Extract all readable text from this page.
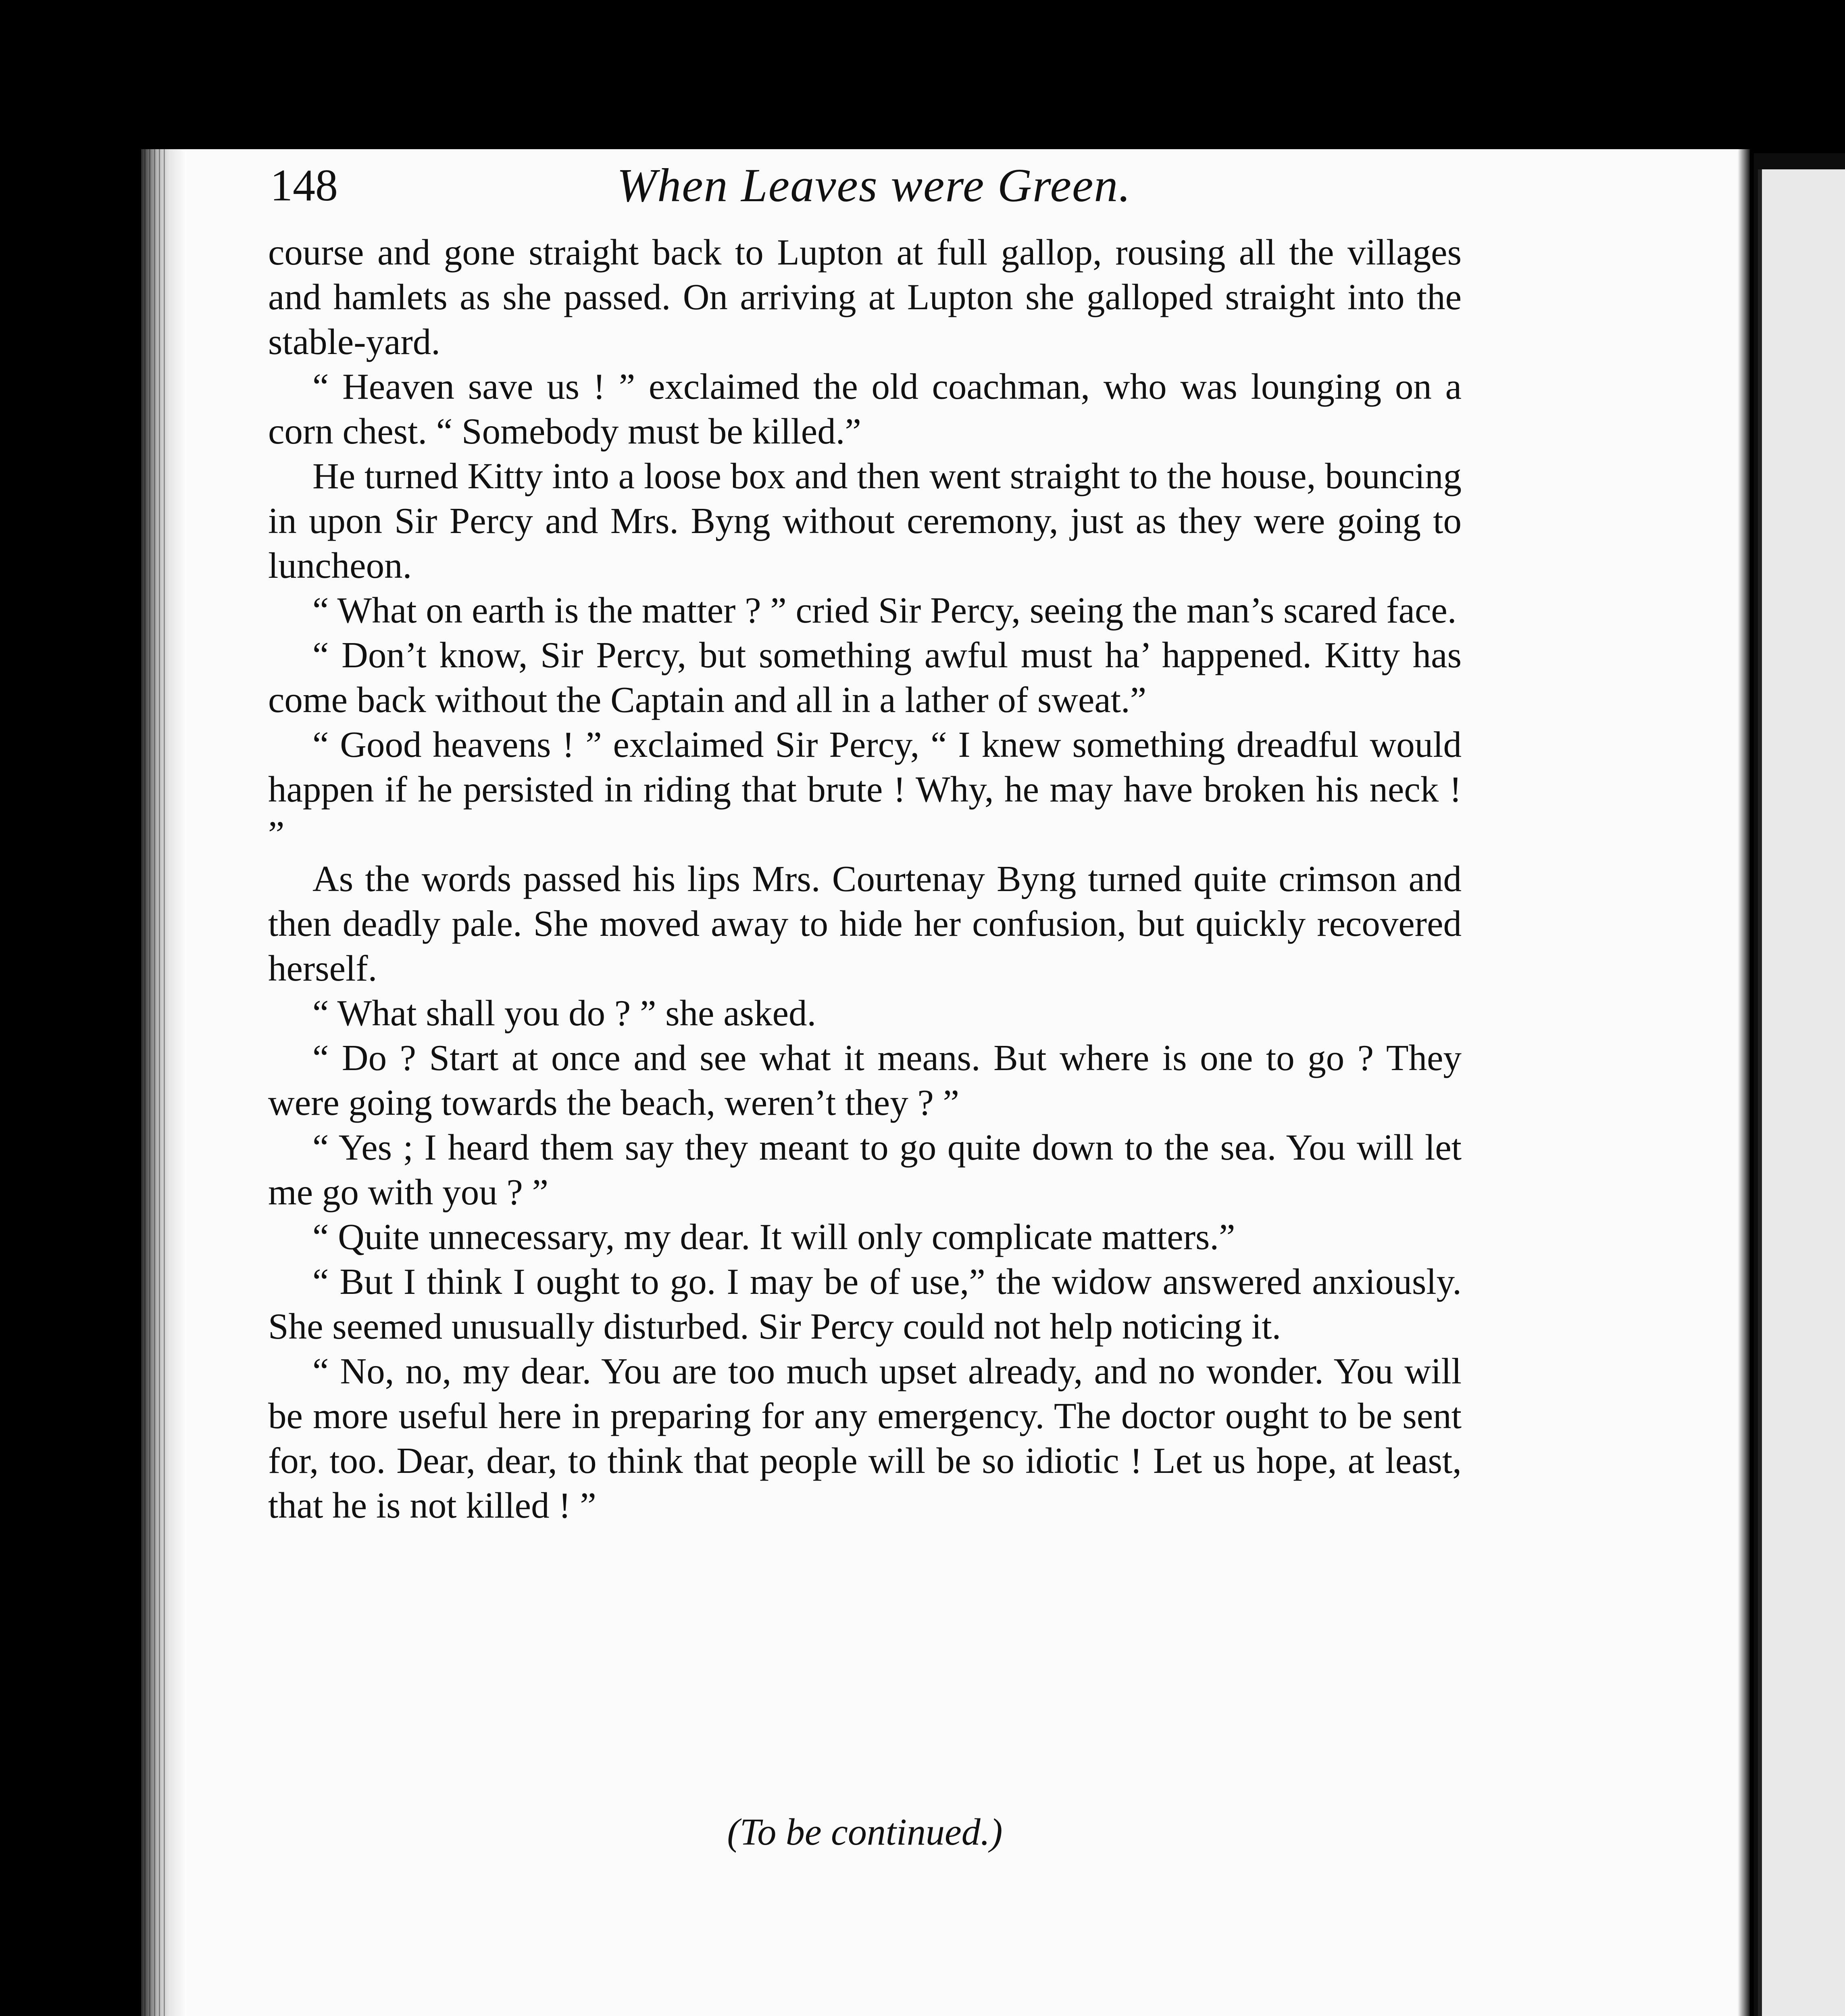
148	When Leaves were Green.

course and gone straight back to Lupton at full gallop, rousing all the villages and hamlets as she passed. On arriving at Lupton she galloped straight into the stable-yard.

“ Heaven save us ! ” exclaimed the old coachman, who was lounging on a corn chest. “ Somebody must be killed.”

He turned Kitty into a loose box and then went straight to the house, bouncing in upon Sir Percy and Mrs. Byng without ceremony, just as they were going to luncheon.

“ What on earth is the matter ? ” cried Sir Percy, seeing the man’s scared face.

“ Don’t know, Sir Percy, but something awful must ha’ happened. Kitty has come back without the Captain and all in a lather of sweat.”

“ Good heavens ! ” exclaimed Sir Percy, “ I knew something dreadful would happen if he persisted in riding that brute ! Why, he may have broken his neck ! ”

As the words passed his lips Mrs. Courtenay Byng turned quite crimson and then deadly pale. She moved away to hide her confusion, but quickly recovered herself.

“ What shall you do ? ” she asked.

“ Do ? Start at once and see what it means. But where is one to go ? They were going towards the beach, weren’t they ? ”

“ Yes ; I heard them say they meant to go quite down to the sea. You will let me go with you ? ”

“ Quite unnecessary, my dear. It will only complicate matters.”

“ But I think I ought to go. I may be of use,” the widow answered anxiously. She seemed unusually disturbed. Sir Percy could not help noticing it.

“ No, no, my dear. You are too much upset already, and no wonder. You will be more useful here in preparing for any emergency. The doctor ought to be sent for, too. Dear, dear, to think that people will be so idiotic ! Let us hope, at least, that he is not killed ! ”

(To be continued.)
